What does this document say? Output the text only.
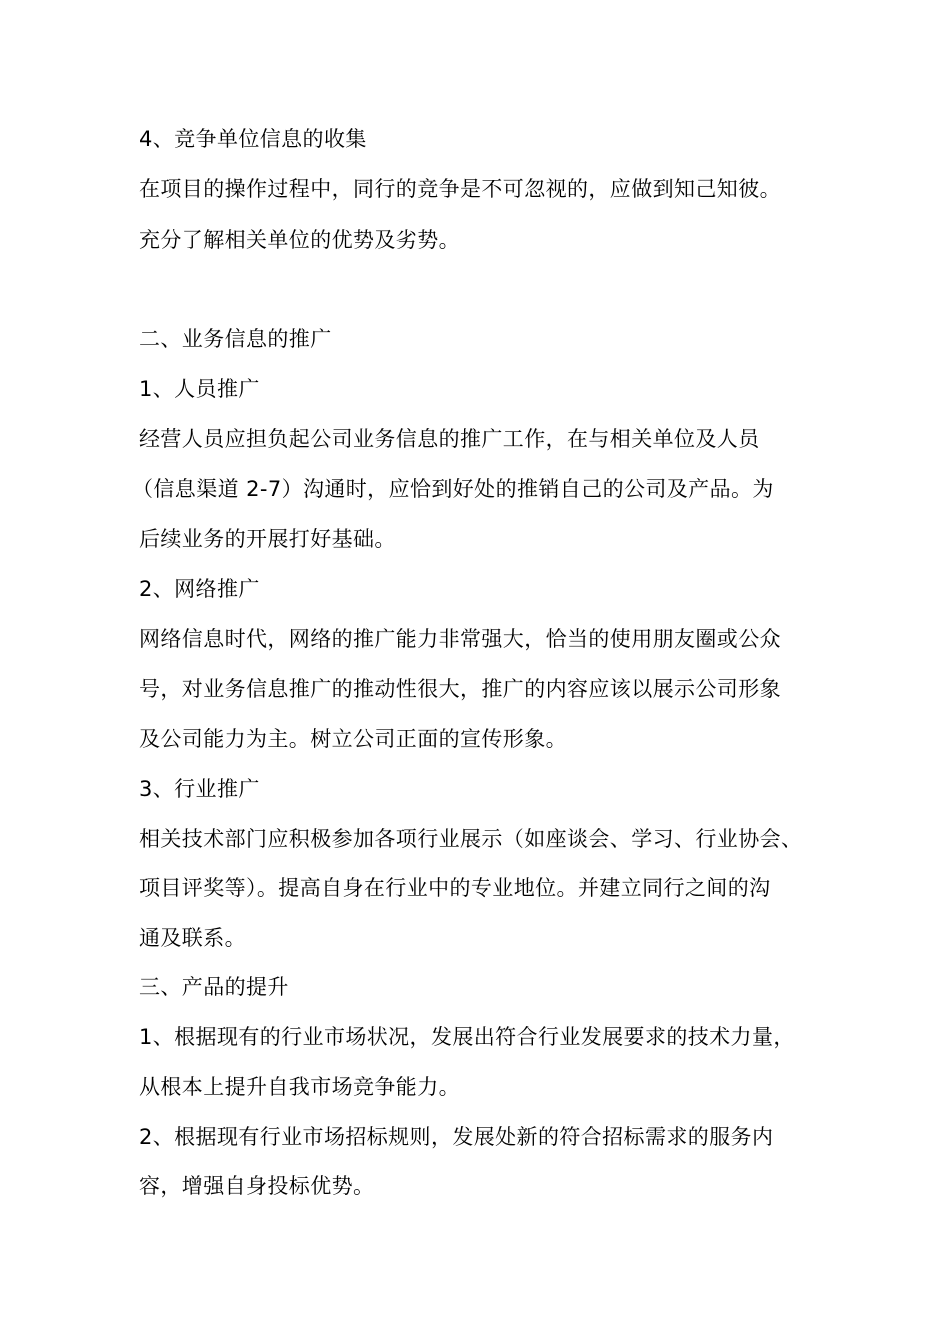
4、竞争单位信息的收集
在项目的操作过程中，同行的竞争是不可忽视的，应做到知己知彼。
充分了解相关单位的优势及劣势。
二、业务信息的推广
1、人员推广
经营人员应担负起公司业务信息的推广工作，在与相关单位及人员
（信息渠道 2-7）沟通时，应恰到好处的推销自己的公司及产品。为
后续业务的开展打好基础。
2、网络推广
网络信息时代，网络的推广能力非常强大，恰当的使用朋友圈或公众
号，对业务信息推广的推动性很大，推广的内容应该以展示公司形象
及公司能力为主。树立公司正面的宣传形象。
3、行业推广
相关技术部门应积极参加各项行业展示（如座谈会、学习、行业协会、
项目评奖等）。提高自身在行业中的专业地位。并建立同行之间的沟
通及联系。
三、产品的提升
1、根据现有的行业市场状况，发展出符合行业发展要求的技术力量，
从根本上提升自我市场竞争能力。
2、根据现有行业市场招标规则，发展处新的符合招标需求的服务内
容，增强自身投标优势。
